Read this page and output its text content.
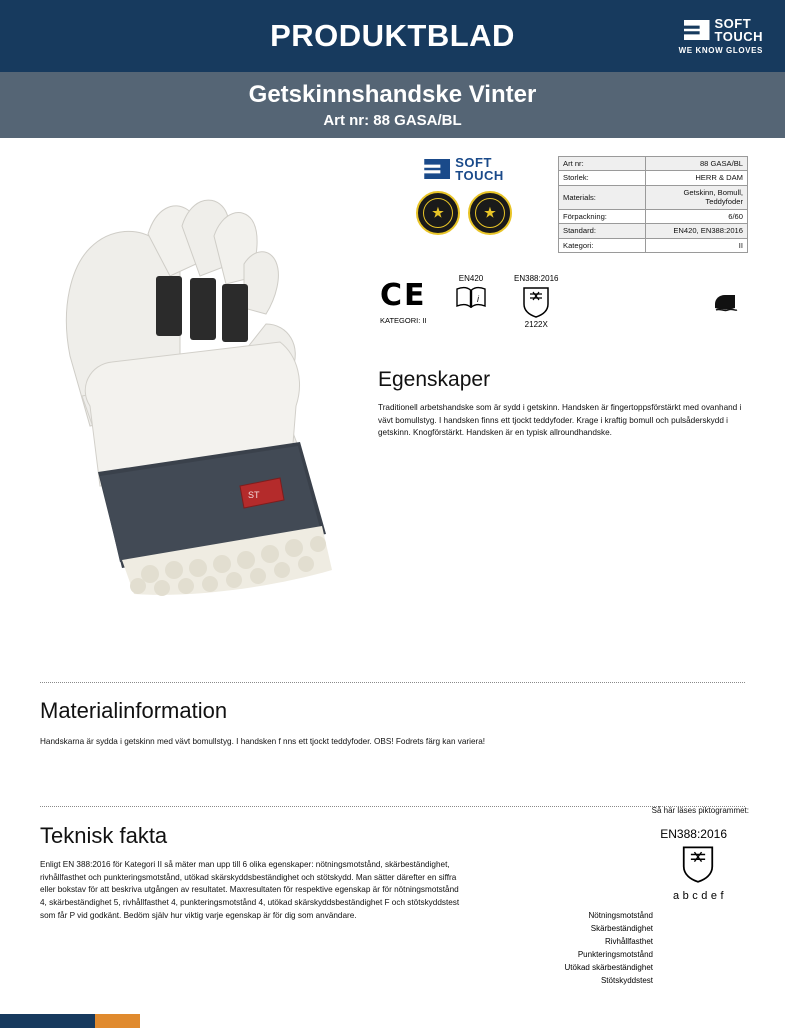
PRODUKTBLAD	SOFT
TOUCH
WE KNOW GLOVES
Getskinnshandske Vinter
Art nr: 88 GASA/BL
ST
SOFT
TOUCH
★	★
Art nr:	88 GASA/BL
Storlek:	HERR & DAM
Materials:	Getskinn, Bomull, Teddyfoder
Förpackning:	6/60
Standard:	EN420, EN388:2016
Kategori:	II
CE
KATEGORI: II
EN420
i
EN388:2016
2122X
Egenskaper

Traditionell arbetshandske som är sydd i getskinn. Handsken är fingertoppsförstärkt med ovanhand i vävt bomullstyg. I handsken finns ett tjockt teddyfoder. Krage i kraftig bomull och pulsåderskydd i getskinn. Knogförstärkt. Handsken är en typisk allroundhandske.

Materialinformation

Handskarna är sydda i getskinn med vävt bomullstyg. I handsken f nns ett tjockt teddyfoder. OBS! Fodrets färg kan variera!

Teknisk fakta

Enligt EN 388:2016 för Kategori II så mäter man upp till 6 olika egenskaper: nötningsmotstånd, skärbeständighet, rivhållfasthet och punkteringsmotstånd, utökad skärskyddsbeständighet och stötskydd. Man sätter därefter en siffra eller bokstav för att beskriva utgången av resultatet. Maxresultaten för respektive egenskap är för nötningsmotstånd 4, skärbeständighet 5, rivhållfasthet 4, punkteringsmotstånd 4, utökad skärskyddsbeständighet F och stötskyddstest som får P vid godkänt. Bedöm själv hur viktig varje egenskap är för dig som användare.

Så här läses piktogrammet:
EN388:2016
abcdef
Nötningsmotstånd
Skärbeständighet
Rivhållfasthet
Punkteringsmotstånd
Utökad skärbeständighet
Stötskyddstest
